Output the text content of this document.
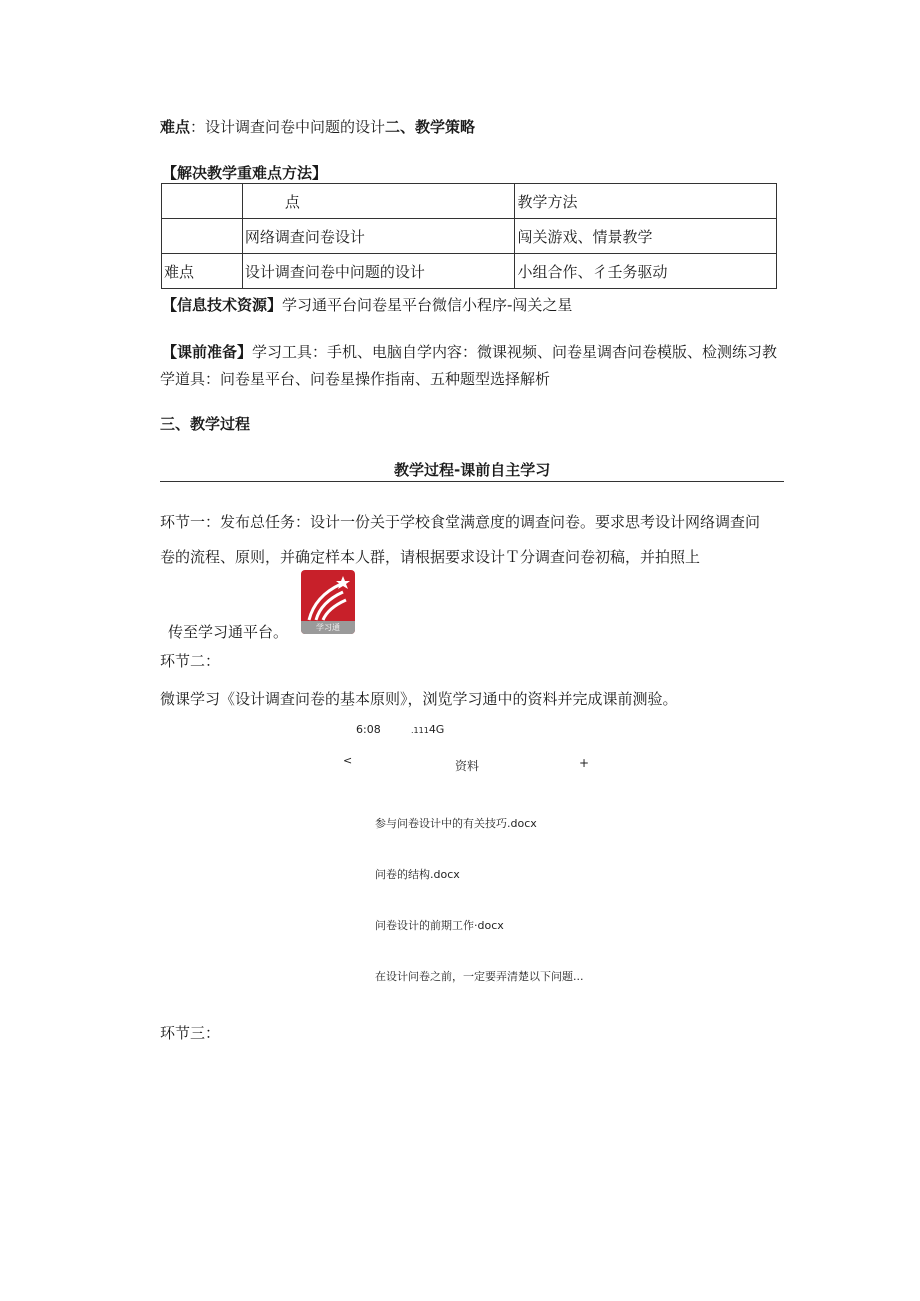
难点：设计调查问卷中问题的设计二、教学策略
【解决教学重难点方法】
	点	教学方法
	网络调查问卷设计	闯关游戏、情景教学
难点	设计调查问卷中问题的设计	小组合作、彳壬务驱动
【信息技术资源】学习通平台问卷星平台微信小程序-闯关之星
【课前准备】学习工具：手机、电脑自学内容：微课视频、问卷星调杳问卷模版、检测练习教
学道具：问卷星平台、问卷星操作指南、五种题型选择解析
三、教学过程
教学过程-课前自主学习
环节一：发布总任务：设计一份关于学校食堂满意度的调查问卷。要求思考设计网络调查问
卷的流程、原则，并确定样本人群，请根据要求设计Ｔ分调查问卷初稿，并拍照上
传至学习通平台。	学习通
环节二：
微课学习《设计调查问卷的基本原则》，浏览学习通中的资料并完成课前测验。
6:08	.1114G
<	资料	+
参与问卷设计中的有关技巧.docx
问卷的结构.docx
问卷设计的前期工作·docx
在设计问卷之前，一定要弄清楚以下问题...
环节三：
